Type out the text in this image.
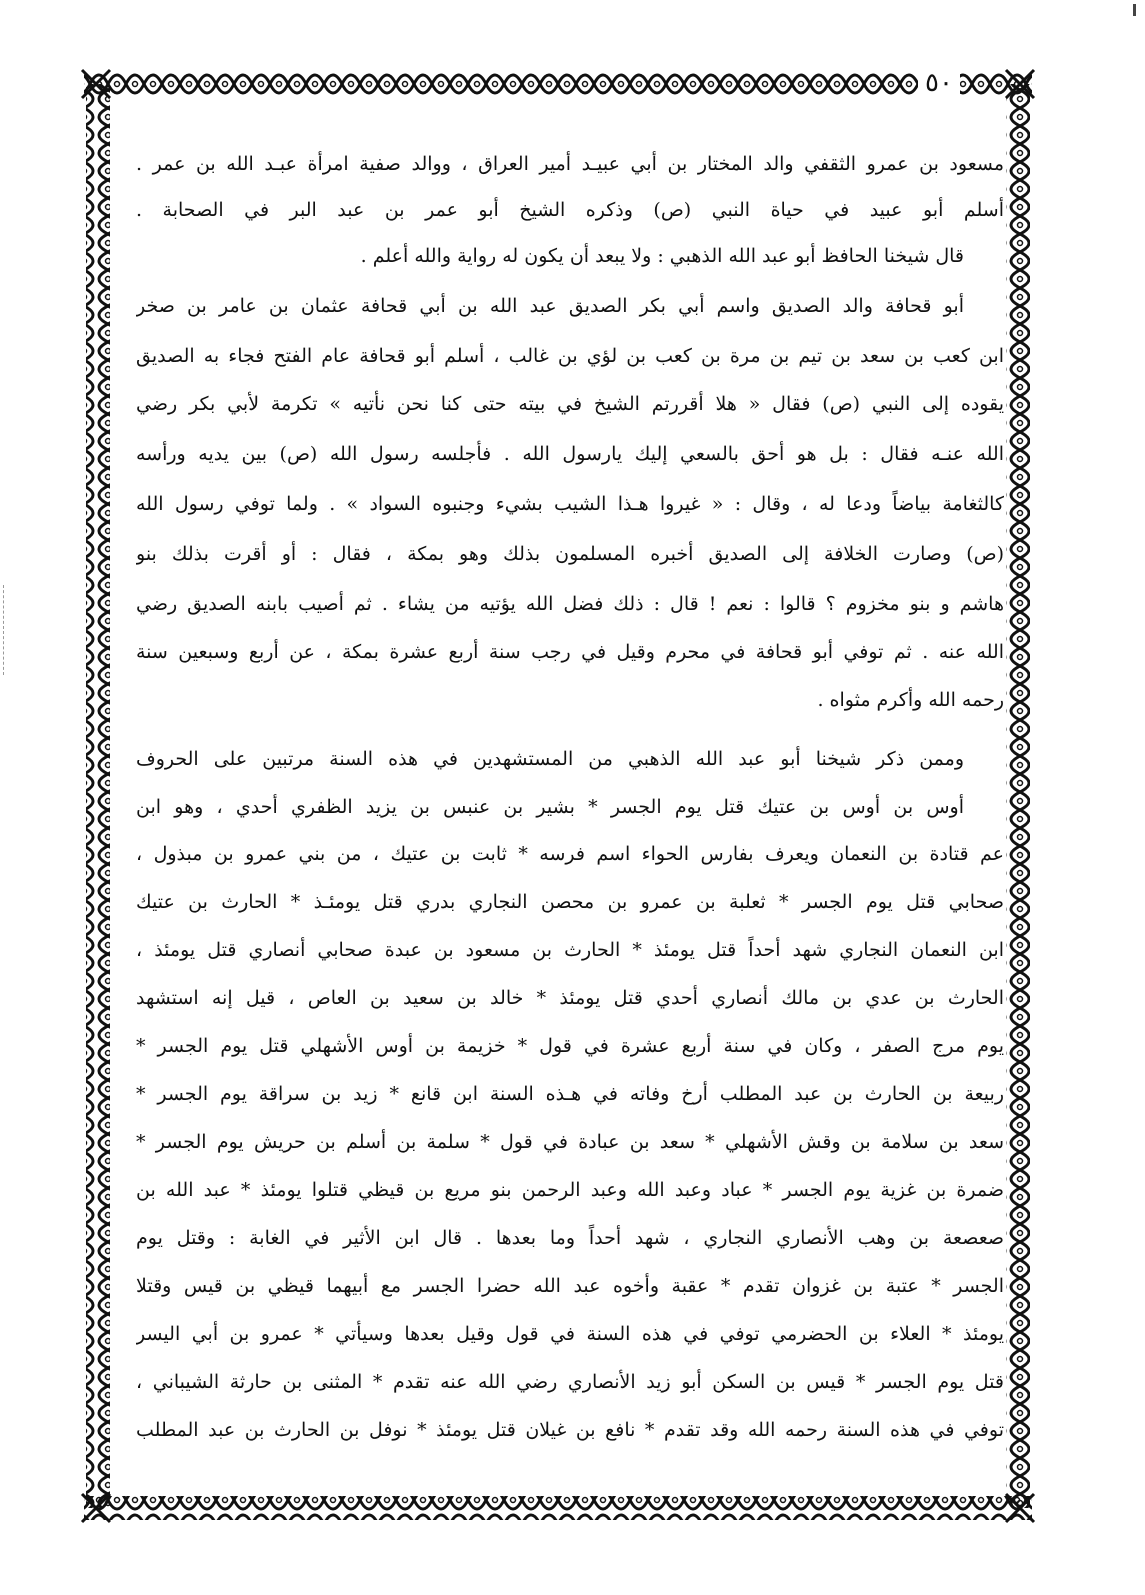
٥٠
مسعود بن عمرو الثقفي والد المختار بن أبي عبيـد أمير العراق ، ووالد صفية امرأة عبـد الله بن عمر .
أسلم أبو عبيد في حياة النبي (ص) وذكره الشيخ أبو عمر بن عبد البر في الصحابة .
قال شيخنا الحافظ أبو عبد الله الذهبي : ولا يبعد أن يكون له رواية والله أعلم .
أبو قحافة والد الصديق واسم أبي بكر الصديق عبد الله بن أبي قحافة عثمان بن عامر بن صخر
ابن كعب بن سعد بن تيم بن مرة بن كعب بن لؤي بن غالب ، أسلم أبو قحافة عام الفتح فجاء به الصديق
يقوده إلى النبي (ص) فقال « هلا أقررتم الشيخ في بيته حتى كنا نحن نأتيه » تكرمة لأبي بكر رضي
الله عنـه فقال : بل هو أحق بالسعي إليك يارسول الله . فأجلسه رسول الله (ص) بين يديه ورأسه
كالثغامة بياضاً ودعا له ، وقال : « غيروا هـذا الشيب بشيء وجنبوه السواد » . ولما توفي رسول الله
(ص) وصارت الخلافة إلى الصديق أخبره المسلمون بذلك وهو بمكة ، فقال : أو أقرت بذلك بنو
هاشم و بنو مخزوم ؟ قالوا : نعم ! قال : ذلك فضل الله يؤتيه من يشاء . ثم أصيب بابنه الصديق رضي
الله عنه . ثم توفي أبو قحافة في محرم وقيل في رجب سنة أربع عشرة بمكة ، عن أربع وسبعين سنة
رحمه الله وأكرم مثواه .
وممن ذكر شيخنا أبو عبد الله الذهبي من المستشهدين في هذه السنة مرتبين على الحروف
أوس بن أوس بن عتيك قتل يوم الجسر * بشير بن عنبس بن يزيد الظفري أحدي ، وهو ابن
عم قتادة بن النعمان ويعرف بفارس الحواء اسم فرسه * ثابت بن عتيك ، من بني عمرو بن مبذول ،
صحابي قتل يوم الجسر * ثعلبة بن عمرو بن محصن النجاري بدري قتل يومئـذ * الحارث بن عتيك
ابن النعمان النجاري شهد أحداً قتل يومئذ * الحارث بن مسعود بن عبدة صحابي أنصاري قتل يومئذ ،
الحارث بن عدي بن مالك أنصاري أحدي قتل يومئذ * خالد بن سعيد بن العاص ، قيل إنه استشهد
يوم مرج الصفر ، وكان في سنة أربع عشرة في قول * خزيمة بن أوس الأشهلي قتل يوم الجسر *
ربيعة بن الحارث بن عبد المطلب أرخ وفاته في هـذه السنة ابن قانع * زيد بن سراقة يوم الجسر *
سعد بن سلامة بن وقش الأشهلي * سعد بن عبادة في قول * سلمة بن أسلم بن حريش يوم الجسر *
ضمرة بن غزية يوم الجسر * عباد وعبد الله وعبد الرحمن بنو مريع بن قيظي قتلوا يومئذ * عبد الله بن
صعصعة بن وهب الأنصاري النجاري ، شهد أحداً وما بعدها . قال ابن الأثير في الغابة : وقتل يوم
الجسر * عتبة بن غزوان تقدم * عقبة وأخوه عبد الله حضرا الجسر مع أبيهما قيظي بن قيس وقتلا
يومئذ * العلاء بن الحضرمي توفي في هذه السنة في قول وقيل بعدها وسيأتي * عمرو بن أبي اليسر
قتل يوم الجسر * قيس بن السكن أبو زيد الأنصاري رضي الله عنه تقدم * المثنى بن حارثة الشيباني ،
توفي في هذه السنة رحمه الله وقد تقدم * نافع بن غيلان قتل يومئذ * نوفل بن الحارث بن عبد المطلب
